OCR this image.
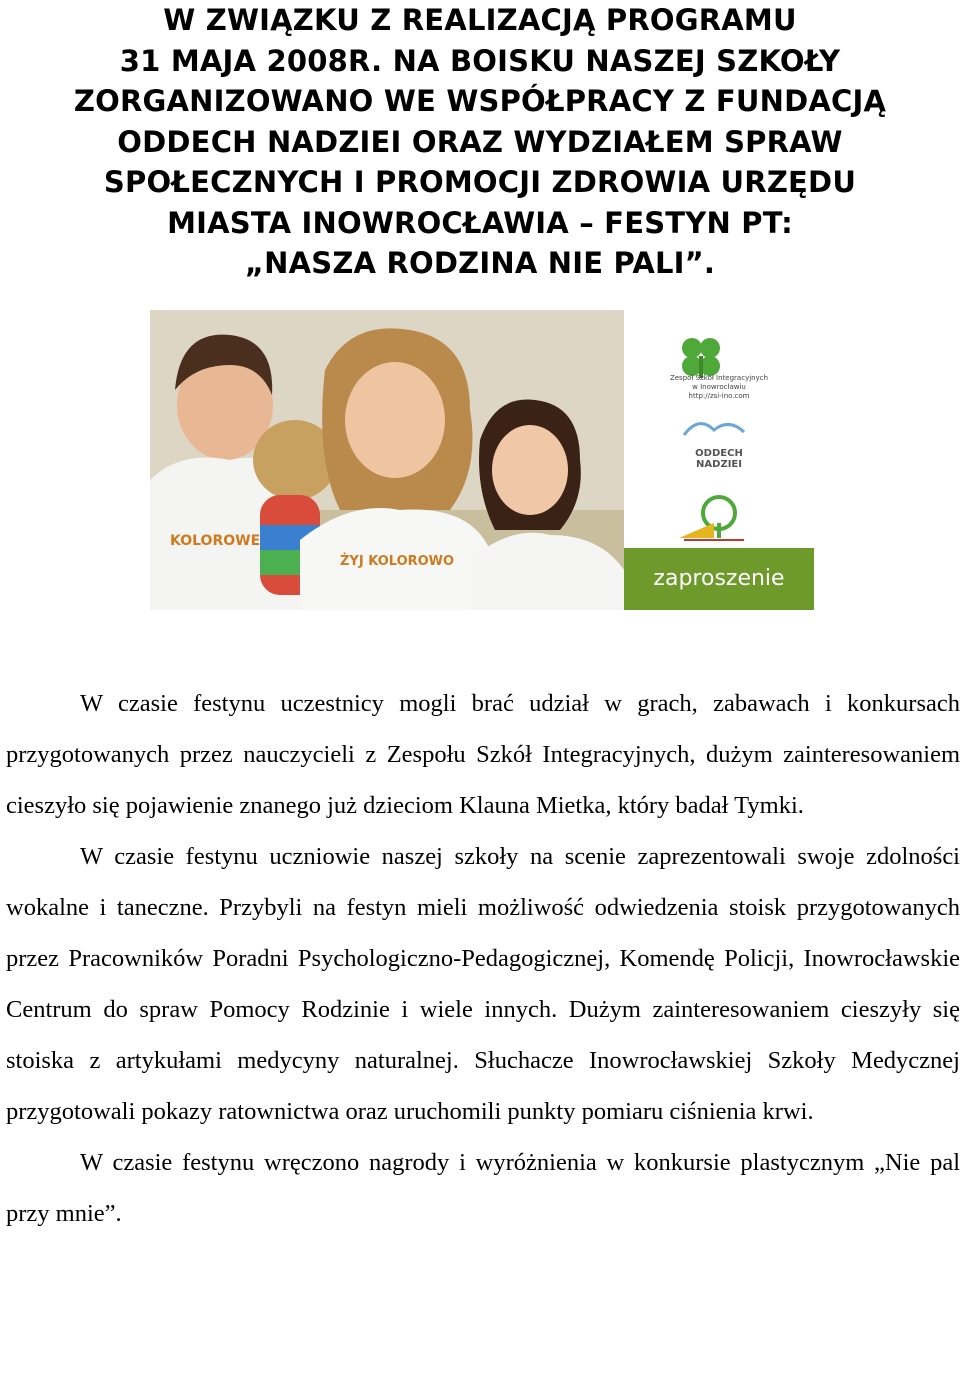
W ZWIĄZKU Z REALIZACJĄ PROGRAMU
31 MAJA 2008R. NA BOISKU NASZEJ SZKOŁY
ZORGANIZOWANO WE WSPÓŁPRACY Z FUNDACJĄ
ODDECH NADZIEI ORAZ WYDZIAŁEM SPRAW
SPOŁECZNYCH I PROMOCJI ZDROWIA URZĘDU
MIASTA INOWROCŁAWIA – FESTYN PT:
„NASZA RODZINA NIE PALI”.
KOLOROWE
ŻYJ KOLOROWO
Zespół Szkół Integracyjnych
w Inowrocławiu
http://zsi-ino.com
ODDECH
NADZIEI
zaproszenie

W czasie festynu uczestnicy mogli brać udział w grach, zabawach i konkursach przygotowanych przez nauczycieli z Zespołu Szkół Integracyjnych, dużym zainteresowaniem cieszyło się pojawienie znanego już dzieciom Klauna Mietka, który badał Tymki.

W czasie festynu uczniowie naszej szkoły na scenie zaprezentowali swoje zdolności wokalne i taneczne. Przybyli na festyn mieli możliwość odwiedzenia stoisk przygotowanych przez Pracowników Poradni Psychologiczno-Pedagogicznej, Komendę Policji, Inowrocławskie Centrum do spraw Pomocy Rodzinie i wiele innych. Dużym zainteresowaniem cieszyły się stoiska z artykułami medycyny naturalnej. Słuchacze Inowrocławskiej Szkoły Medycznej przygotowali pokazy ratownictwa oraz uruchomili punkty pomiaru ciśnienia krwi.

W czasie festynu wręczono nagrody i wyróżnienia w konkursie plastycznym „Nie pal przy mnie”.
